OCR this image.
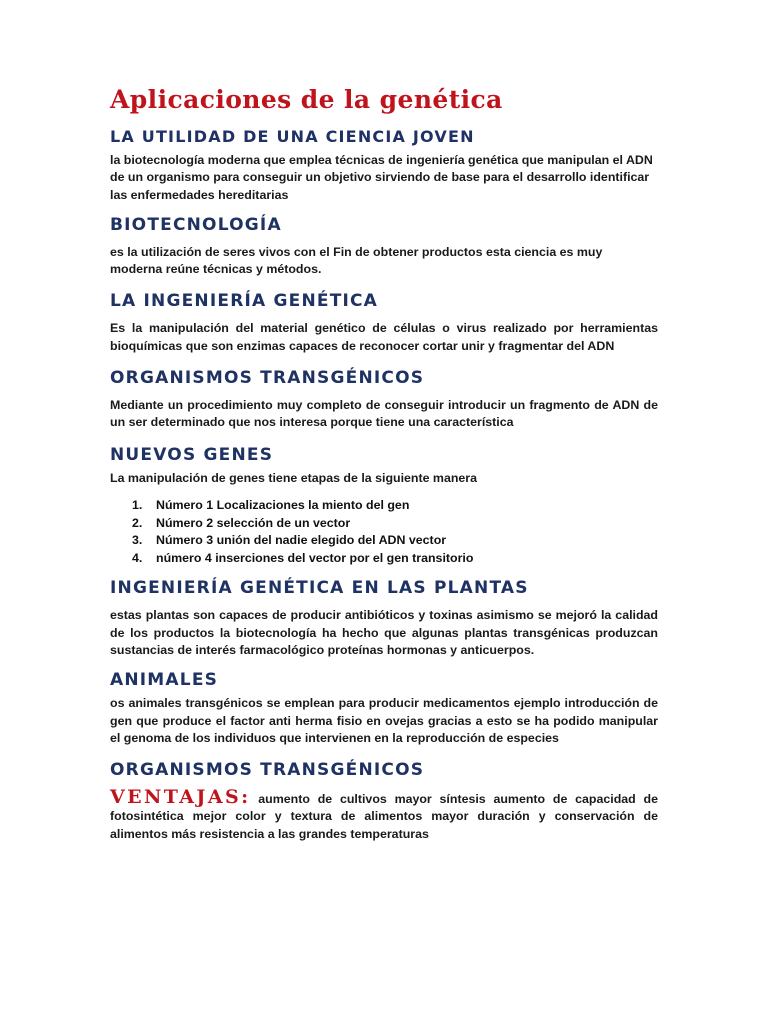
Aplicaciones de la genética
LA UTILIDAD DE UNA CIENCIA JOVEN

la biotecnología moderna que emplea técnicas de ingeniería genética que manipulan el ADN de un organismo para conseguir un objetivo sirviendo de base para el desarrollo identificar las enfermedades hereditarias

BIOTECNOLOGÍA

es la utilización de seres vivos con el Fin de obtener productos esta ciencia es muy moderna reúne técnicas y métodos.

LA INGENIERÍA GENÉTICA

Es la manipulación del material genético de células o virus realizado por herramientas bioquímicas que son enzimas capaces de reconocer cortar unir y fragmentar del ADN

ORGANISMOS TRANSGÉNICOS

Mediante un procedimiento muy completo de conseguir introducir un fragmento de ADN de un ser determinado que nos interesa porque tiene una característica

NUEVOS GENES

La manipulación de genes tiene etapas de la siguiente manera

1. Número 1 Localizaciones la miento del gen
2. Número 2 selección de un vector
3. Número 3 unión del nadie elegido del ADN vector
4. número 4 inserciones del vector por el gen transitorio
INGENIERÍA GENÉTICA EN LAS PLANTAS

estas plantas son capaces de producir antibióticos y toxinas asimismo se mejoró la calidad de los productos la biotecnología ha hecho que algunas plantas transgénicas produzcan sustancias de interés farmacológico proteínas hormonas y anticuerpos.

ANIMALES

os animales transgénicos se emplean para producir medicamentos ejemplo introducción de gen que produce el factor anti herma fisio en ovejas gracias a esto se ha podido manipular el genoma de los individuos que intervienen en la reproducción de especies

ORGANISMOS TRANSGÉNICOS

VENTAJAS: aumento de cultivos mayor síntesis aumento de capacidad de fotosintética mejor color y textura de alimentos mayor duración y conservación de alimentos más resistencia a las grandes temperaturas
